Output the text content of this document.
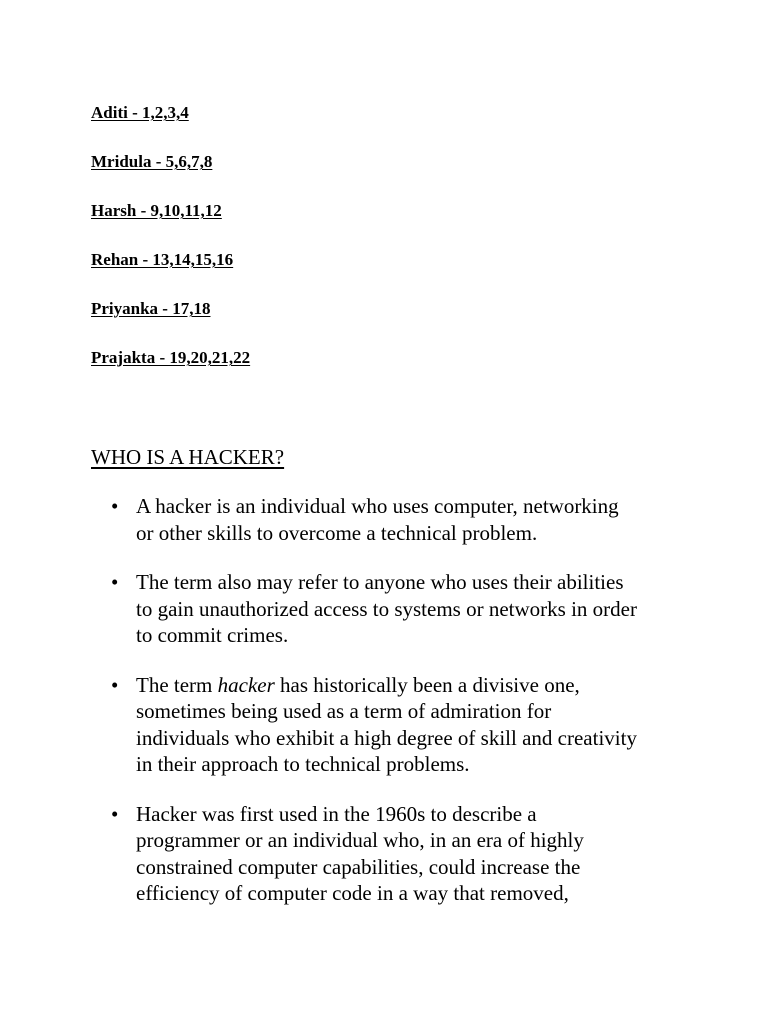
Aditi - 1,2,3,4
Mridula - 5,6,7,8
Harsh - 9,10,11,12
Rehan - 13,14,15,16
Priyanka - 17,18
Prajakta - 19,20,21,22
WHO IS A HACKER?
• A hacker is an individual who uses computer, networking
or other skills to overcome a technical problem.
• The term also may refer to anyone who uses their abilities
to gain unauthorized access to systems or networks in order
to commit crimes.
• The term hacker has historically been a divisive one,
sometimes being used as a term of admiration for
individuals who exhibit a high degree of skill and creativity
in their approach to technical problems.
• Hacker was first used in the 1960s to describe a
programmer or an individual who, in an era of highly
constrained computer capabilities, could increase the
efficiency of computer code in a way that removed,
